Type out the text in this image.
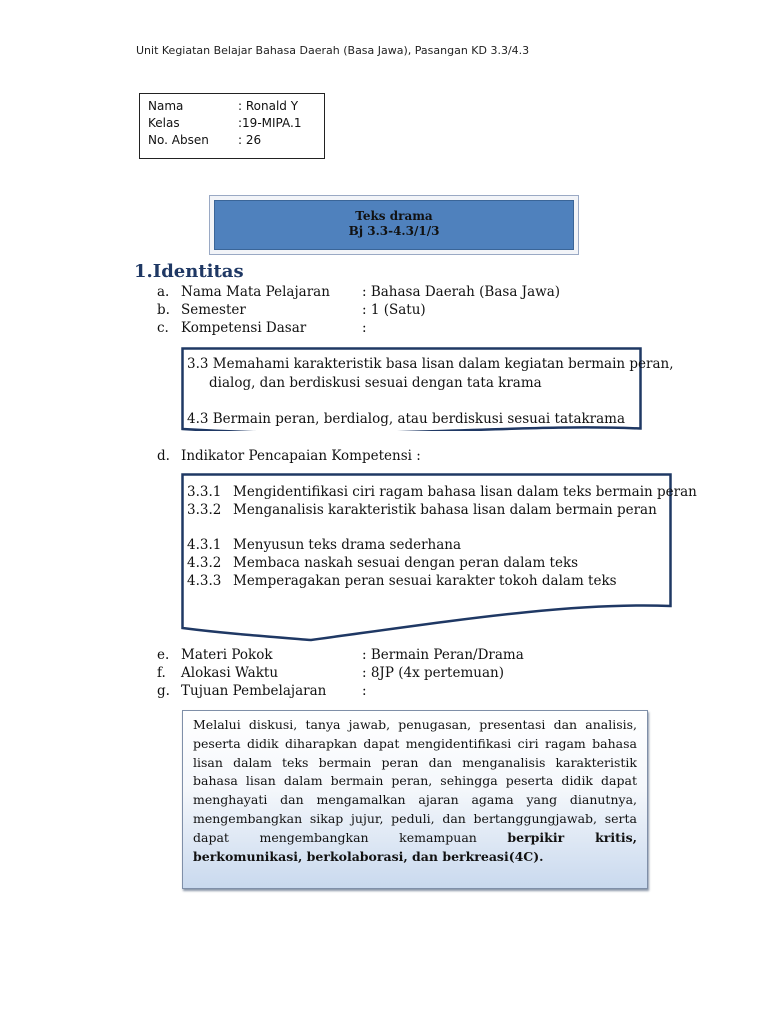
Unit Kegiatan Belajar Bahasa Daerah (Basa Jawa), Pasangan KD 3.3/4.3
Nama	: Ronald Y
Kelas	:19-MIPA.1
No. Absen : 26
Teks drama
Bj 3.3-4.3/1/3
1.Identitas
a. Nama Mata Pelajaran : Bahasa Daerah (Basa Jawa)
b. Semester	: 1 (Satu)
c. Kompetensi Dasar	:
3.3 Memahami karakteristik basa lisan dalam kegiatan bermain peran,
dialog, dan berdiskusi sesuai dengan tata krama
4.3 Bermain peran, berdialog, atau berdiskusi sesuai tatakrama
d. Indikator Pencapaian Kompetensi :
3.3.1 Mengidentifikasi ciri ragam bahasa lisan dalam teks bermain peran
3.3.2 Menganalisis karakteristik bahasa lisan dalam bermain peran
4.3.1 Menyusun teks drama sederhana
4.3.2 Membaca naskah sesuai dengan peran dalam teks
4.3.3 Memperagakan peran sesuai karakter tokoh dalam teks
e. Materi Pokok	: Bermain Peran/Drama
f. Alokasi Waktu	: 8JP (4x pertemuan)
g. Tujuan Pembelajaran	:
Melalui diskusi, tanya jawab, penugasan, presentasi dan analisis, peserta didik diharapkan dapat mengidentifikasi ciri ragam bahasa lisan dalam teks bermain peran dan menganalisis karakteristik bahasa lisan dalam bermain peran, sehingga peserta didik dapat menghayati dan mengamalkan ajaran agama yang dianutnya, mengembangkan sikap jujur, peduli, dan bertanggungjawab, serta dapat mengembangkan kemampuan berpikir kritis, berkomunikasi, berkolaborasi, dan berkreasi(4C).
